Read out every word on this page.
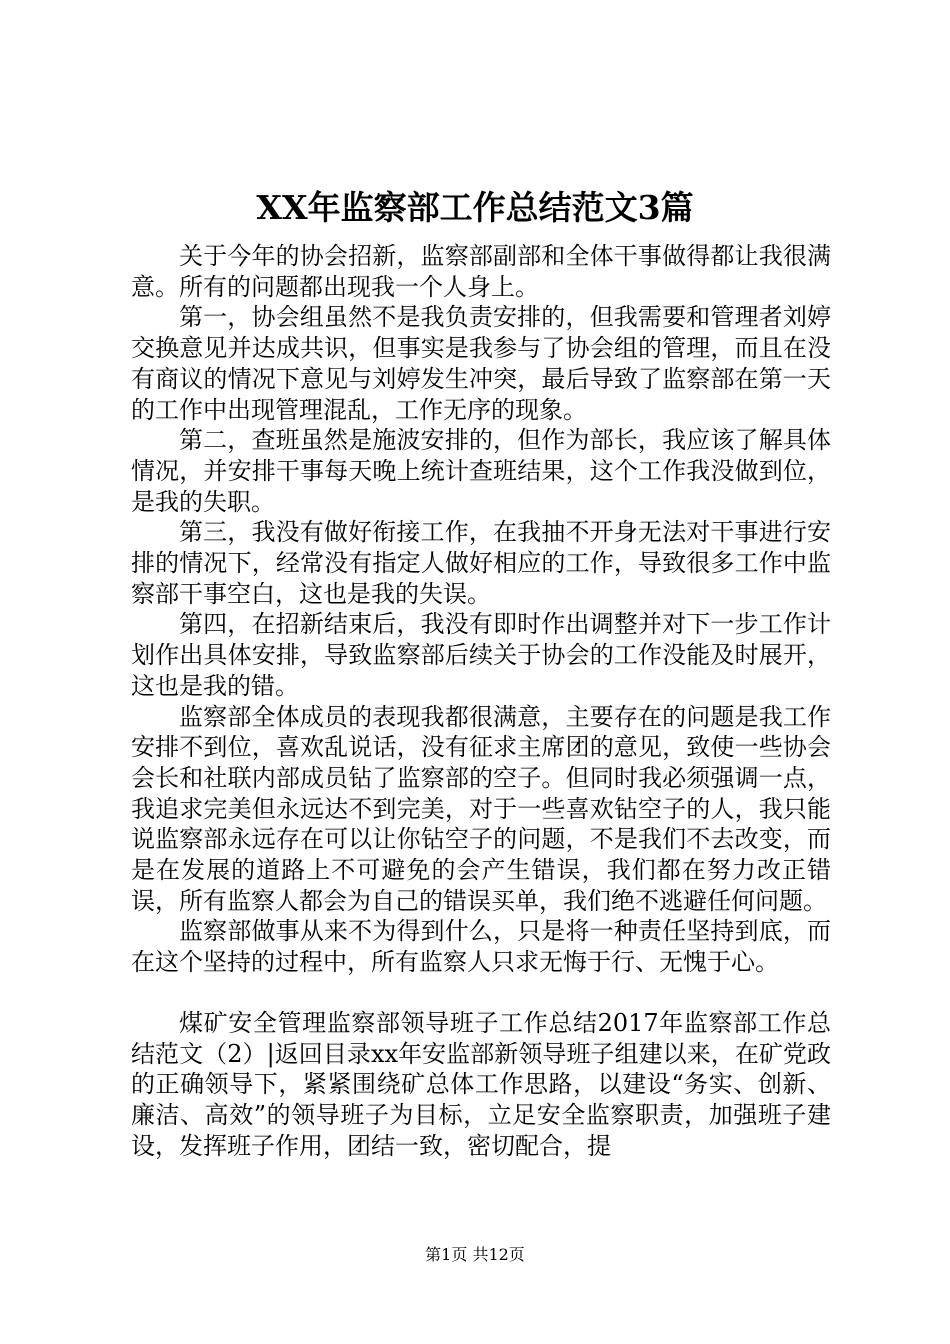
XX年监察部工作总结范文3篇

关于今年的协会招新，监察部副部和全体干事做得都让我很满意。所有的问题都出现我一个人身上。

第一，协会组虽然不是我负责安排的，但我需要和管理者刘婷交换意见并达成共识，但事实是我参与了协会组的管理，而且在没有商议的情况下意见与刘婷发生冲突，最后导致了监察部在第一天的工作中出现管理混乱，工作无序的现象。

第二，查班虽然是施波安排的，但作为部长，我应该了解具体情况，并安排干事每天晚上统计查班结果，这个工作我没做到位，是我的失职。

第三，我没有做好衔接工作，在我抽不开身无法对干事进行安排的情况下，经常没有指定人做好相应的工作，导致很多工作中监察部干事空白，这也是我的失误。

第四，在招新结束后，我没有即时作出调整并对下一步工作计划作出具体安排，导致监察部后续关于协会的工作没能及时展开，这也是我的错。

监察部全体成员的表现我都很满意，主要存在的问题是我工作安排不到位，喜欢乱说话，没有征求主席团的意见，致使一些协会会长和社联内部成员钻了监察部的空子。但同时我必须强调一点，我追求完美但永远达不到完美，对于一些喜欢钻空子的人，我只能说监察部永远存在可以让你钻空子的问题，不是我们不去改变，而是在发展的道路上不可避免的会产生错误，我们都在努力改正错误，所有监察人都会为自己的错误买单，我们绝不逃避任何问题。

监察部做事从来不为得到什么，只是将一种责任坚持到底，而在这个坚持的过程中，所有监察人只求无悔于行、无愧于心。

煤矿安全管理监察部领导班子工作总结2017年监察部工作总结范文（2）|返回目录xx年安监部新领导班子组建以来，在矿党政的正确领导下，紧紧围绕矿总体工作思路，以建设“务实、创新、廉洁、高效”的领导班子为目标，立足安全监察职责，加强班子建设，发挥班子作用，团结一致，密切配合，提

第1页 共12页
